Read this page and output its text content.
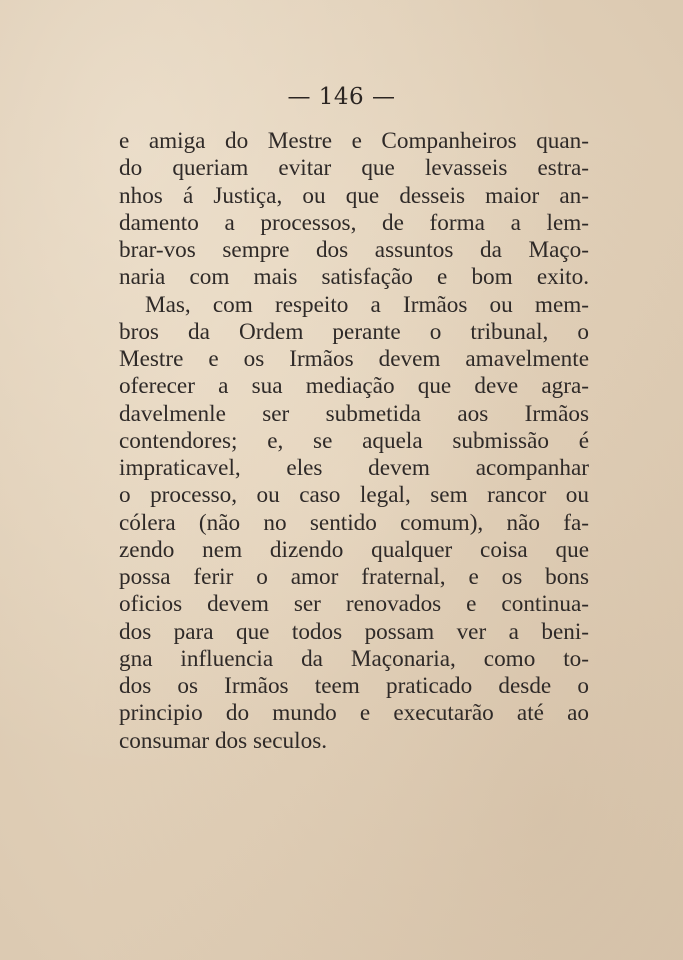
— 146 —
e amiga do Mestre e Companheiros quan-
do queriam evitar que levasseis estra-
nhos á Justiça, ou que desseis maior an-
damento a processos, de forma a lem-
brar-vos sempre dos assuntos da Maço-
naria com mais satisfação e bom exito.
Mas, com respeito a Irmãos ou mem-
bros da Ordem perante o tribunal, o
Mestre e os Irmãos devem amavelmente
oferecer a sua mediação que deve agra-
davelmenle ser submetida aos Irmãos
contendores; e, se aquela submissão é
impraticavel, eles devem acompanhar
o processo, ou caso legal, sem rancor ou
cólera (não no sentido comum), não fa-
zendo nem dizendo qualquer coisa que
possa ferir o amor fraternal, e os bons
oficios devem ser renovados e continua-
dos para que todos possam ver a beni-
gna influencia da Maçonaria, como to-
dos os Irmãos teem praticado desde o
principio do mundo e executarão até ao
consumar dos seculos.
